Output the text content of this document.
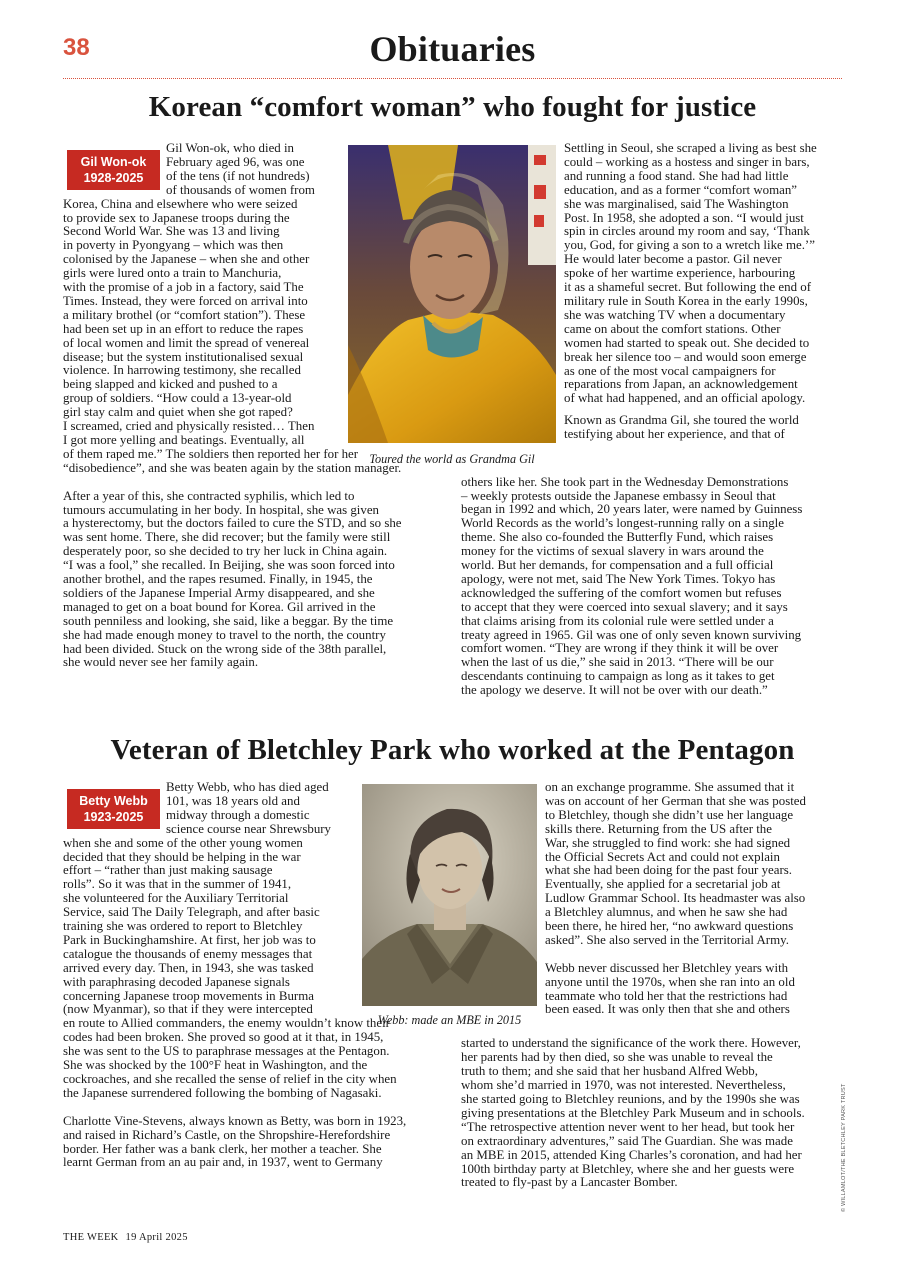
38	Obituaries
Korean “comfort woman” who fought for justice
Gil Won-ok
1928-2025
Toured the world as Grandma Gil
Gil Won-ok, who died in
February aged 96, was one
of the tens (if not hundreds)
of thousands of women from
Korea, China and elsewhere who were seized
to provide sex to Japanese troops during the
Second World War. She was 13 and living
in poverty in Pyongyang – which was then
colonised by the Japanese – when she and other
girls were lured onto a train to Manchuria,
with the promise of a job in a factory, said The
Times. Instead, they were forced on arrival into
a military brothel (or “comfort station”). These
had been set up in an effort to reduce the rapes
of local women and limit the spread of venereal
disease; but the system institutionalised sexual
violence. In harrowing testimony, she recalled
being slapped and kicked and pushed to a
group of soldiers. “How could a 13-year-old
girl stay calm and quiet when she got raped?
I screamed, cried and physically resisted… Then
I got more yelling and beatings. Eventually, all
of them raped me.” The soldiers then reported her for her
“disobedience”, and she was beaten again by the station manager.
After a year of this, she contracted syphilis, which led to
tumours accumulating in her body. In hospital, she was given
a hysterectomy, but the doctors failed to cure the STD, and so she
was sent home. There, she did recover; but the family were still
desperately poor, so she decided to try her luck in China again.
“I was a fool,” she recalled. In Beijing, she was soon forced into
another brothel, and the rapes resumed. Finally, in 1945, the
soldiers of the Japanese Imperial Army disappeared, and she
managed to get on a boat bound for Korea. Gil arrived in the
south penniless and looking, she said, like a beggar. By the time
she had made enough money to travel to the north, the country
had been divided. Stuck on the wrong side of the 38th parallel,
she would never see her family again.
Settling in Seoul, she scraped a living as best she
could – working as a hostess and singer in bars,
and running a food stand. She had had little
education, and as a former “comfort woman”
she was marginalised, said The Washington
Post. In 1958, she adopted a son. “I would just
spin in circles around my room and say, ‘Thank
you, God, for giving a son to a wretch like me.’”
He would later become a pastor. Gil never
spoke of her wartime experience, harbouring
it as a shameful secret. But following the end of
military rule in South Korea in the early 1990s,
she was watching TV when a documentary
came on about the comfort stations. Other
women had started to speak out. She decided to
break her silence too – and would soon emerge
as one of the most vocal campaigners for
reparations from Japan, an acknowledgement
of what had happened, and an official apology.
Known as Grandma Gil, she toured the world
testifying about her experience, and that of
others like her. She took part in the Wednesday Demonstrations
– weekly protests outside the Japanese embassy in Seoul that
began in 1992 and which, 20 years later, were named by Guinness
World Records as the world’s longest-running rally on a single
theme. She also co-founded the Butterfly Fund, which raises
money for the victims of sexual slavery in wars around the
world. But her demands, for compensation and a full official
apology, were not met, said The New York Times. Tokyo has
acknowledged the suffering of the comfort women but refuses
to accept that they were coerced into sexual slavery; and it says
that claims arising from its colonial rule were settled under a
treaty agreed in 1965. Gil was one of only seven known surviving
comfort women. “They are wrong if they think it will be over
when the last of us die,” she said in 2013. “There will be our
descendants continuing to campaign as long as it takes to get
the apology we deserve. It will not be over with our death.”
Veteran of Bletchley Park who worked at the Pentagon
Betty Webb
1923-2025
Webb: made an MBE in 2015
Betty Webb, who has died aged
101, was 18 years old and
midway through a domestic
science course near Shrewsbury
when she and some of the other young women
decided that they should be helping in the war
effort – “rather than just making sausage
rolls”. So it was that in the summer of 1941,
she volunteered for the Auxiliary Territorial
Service, said The Daily Telegraph, and after basic
training she was ordered to report to Bletchley
Park in Buckinghamshire. At first, her job was to
catalogue the thousands of enemy messages that
arrived every day. Then, in 1943, she was tasked
with paraphrasing decoded Japanese signals
concerning Japanese troop movements in Burma
(now Myanmar), so that if they were intercepted
en route to Allied commanders, the enemy wouldn’t know their
codes had been broken. She proved so good at it that, in 1945,
she was sent to the US to paraphrase messages at the Pentagon.
She was shocked by the 100°F heat in Washington, and the
cockroaches, and she recalled the sense of relief in the city when
the Japanese surrendered following the bombing of Nagasaki.
Charlotte Vine-Stevens, always known as Betty, was born in 1923,
and raised in Richard’s Castle, on the Shropshire-Herefordshire
border. Her father was a bank clerk, her mother a teacher. She
learnt German from an au pair and, in 1937, went to Germany
on an exchange programme. She assumed that it
was on account of her German that she was posted
to Bletchley, though she didn’t use her language
skills there. Returning from the US after the
War, she struggled to find work: she had signed
the Official Secrets Act and could not explain
what she had been doing for the past four years.
Eventually, she applied for a secretarial job at
Ludlow Grammar School. Its headmaster was also
a Bletchley alumnus, and when he saw she had
been there, he hired her, “no awkward questions
asked”. She also served in the Territorial Army.
Webb never discussed her Bletchley years with
anyone until the 1970s, when she ran into an old
teammate who told her that the restrictions had
been eased. It was only then that she and others
started to understand the significance of the work there. However,
her parents had by then died, so she was unable to reveal the
truth to them; and she said that her husband Alfred Webb,
whom she’d married in 1970, was not interested. Nevertheless,
she started going to Bletchley reunions, and by the 1990s she was
giving presentations at the Bletchley Park Museum and in schools.
“The retrospective attention never went to her head, but took her
on extraordinary adventures,” said The Guardian. She was made
an MBE in 2015, attended King Charles’s coronation, and had her
100th birthday party at Bletchley, where she and her guests were
treated to fly-past by a Lancaster Bomber.	© WILLAMLOT/THE BLETCHLEY PARK TRUST
THE WEEK 19 April 2025
